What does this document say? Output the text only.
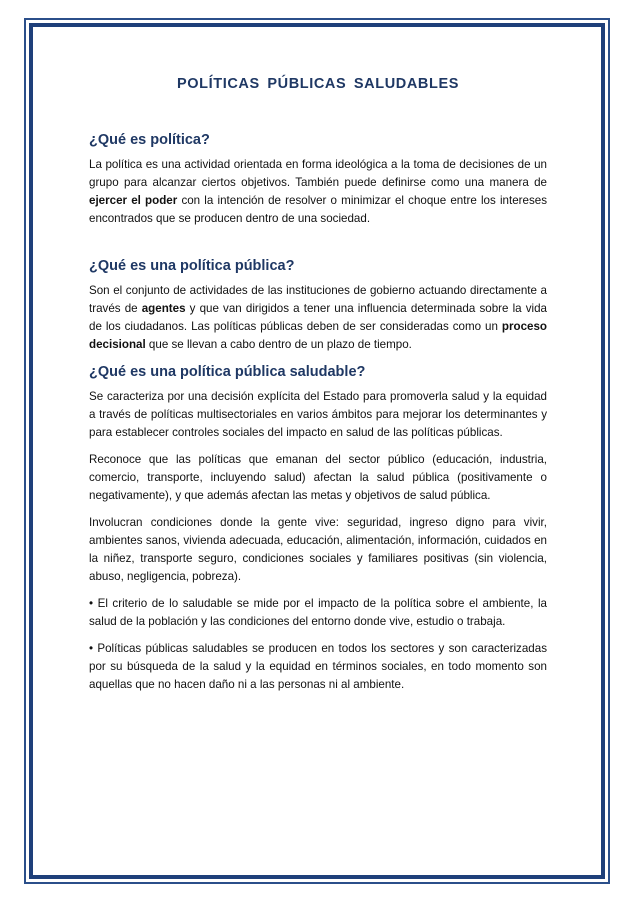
POLÍTICAS PÚBLICAS SALUDABLES
¿Qué es política?

La política es una actividad orientada en forma ideológica a la toma de decisiones de un grupo para alcanzar ciertos objetivos. También puede definirse como una manera de ejercer el poder con la intención de resolver o minimizar el choque entre los intereses encontrados que se producen dentro de una sociedad.

¿Qué es una política pública?

Son el conjunto de actividades de las instituciones de gobierno actuando directamente a través de agentes y que van dirigidos a tener una influencia determinada sobre la vida de los ciudadanos. Las políticas públicas deben de ser consideradas como un proceso decisional que se llevan a cabo dentro de un plazo de tiempo.

¿Qué es una política pública saludable?

Se caracteriza por una decisión explícita del Estado para promoverla salud y la equidad a través de políticas multisectoriales en varios ámbitos para mejorar los determinantes y para establecer controles sociales del impacto en salud de las políticas públicas.

Reconoce que las políticas que emanan del sector público (educación, industria, comercio, transporte, incluyendo salud) afectan la salud pública (positivamente o negativamente), y que además afectan las metas y objetivos de salud pública.

Involucran condiciones donde la gente vive: seguridad, ingreso digno para vivir, ambientes sanos, vivienda adecuada, educación, alimentación, información, cuidados en la niñez, transporte seguro, condiciones sociales y familiares positivas (sin violencia, abuso, negligencia, pobreza).

• El criterio de lo saludable se mide por el impacto de la política sobre el ambiente, la salud de la población y las condiciones del entorno donde vive, estudio o trabaja.

• Políticas públicas saludables se producen en todos los sectores y son caracterizadas por su búsqueda de la salud y la equidad en términos sociales, en todo momento son aquellas que no hacen daño ni a las personas ni al ambiente.
